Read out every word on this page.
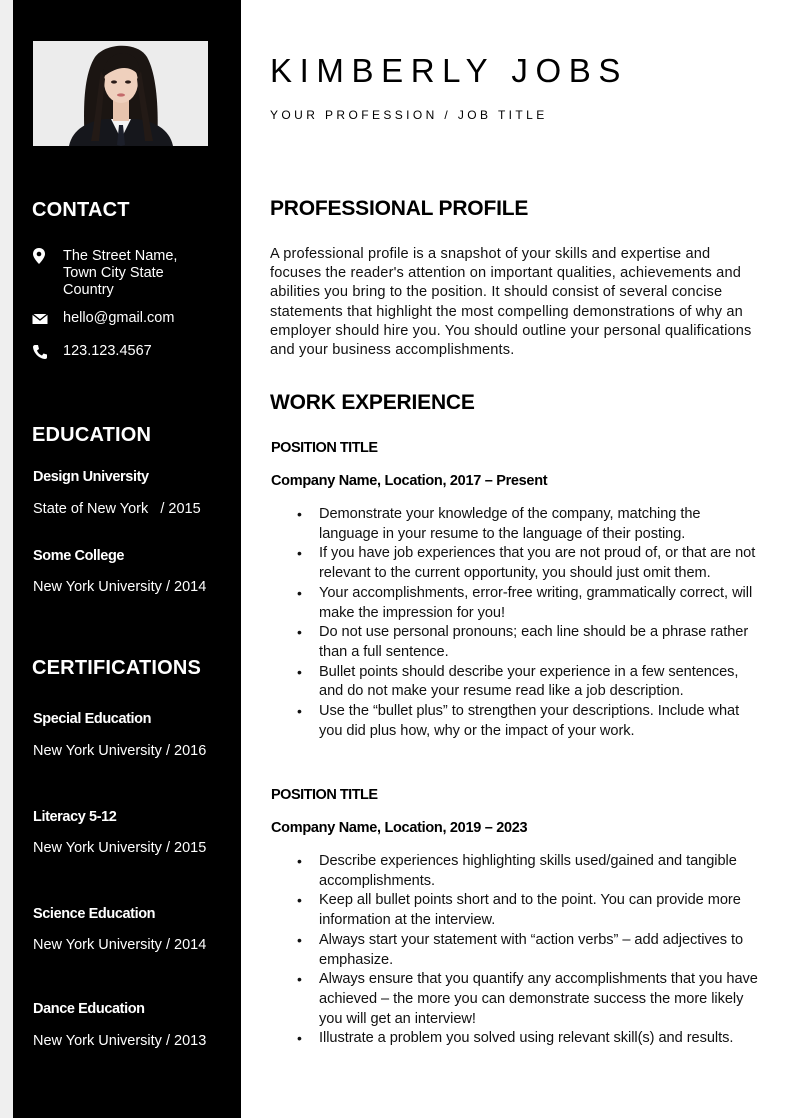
CONTACT
The Street Name,
Town City State
Country
hello@gmail.com
123.123.4567
EDUCATION
Design University
State of New York   / 2015
Some College
New York University / 2014
CERTIFICATIONS
Special Education
New York University / 2016
Literacy 5-12
New York University / 2015
Science Education
New York University / 2014
Dance Education
New York University / 2013
KIMBERLY JOBS
YOUR PROFESSION / JOB TITLE
PROFESSIONAL PROFILE

A professional profile is a snapshot of your skills and expertise and focuses the reader's attention on important qualities, achievements and abilities you bring to the position. It should consist of several concise statements that highlight the most compelling demonstrations of why an employer should hire you. You should outline your personal qualifications and your business accomplishments.

WORK EXPERIENCE
POSITION TITLE
Company Name, Location, 2017 – Present
• Demonstrate your knowledge of the company, matching the language in your resume to the language of their posting.
• If you have job experiences that you are not proud of, or that are not relevant to the current opportunity, you should just omit them.
• Your accomplishments, error-free writing, grammatically correct, will make the impression for you!
• Do not use personal pronouns; each line should be a phrase rather than a full sentence.
• Bullet points should describe your experience in a few sentences, and do not make your resume read like a job description.
• Use the “bullet plus” to strengthen your descriptions. Include what you did plus how, why or the impact of your work.
POSITION TITLE
Company Name, Location, 2019 – 2023
• Describe experiences highlighting skills used/gained and tangible accomplishments.
• Keep all bullet points short and to the point. You can provide more information at the interview.
• Always start your statement with “action verbs” – add adjectives to emphasize.
• Always ensure that you quantify any accomplishments that you have achieved – the more you can demonstrate success the more likely you will get an interview!
• Illustrate a problem you solved using relevant skill(s) and results.
